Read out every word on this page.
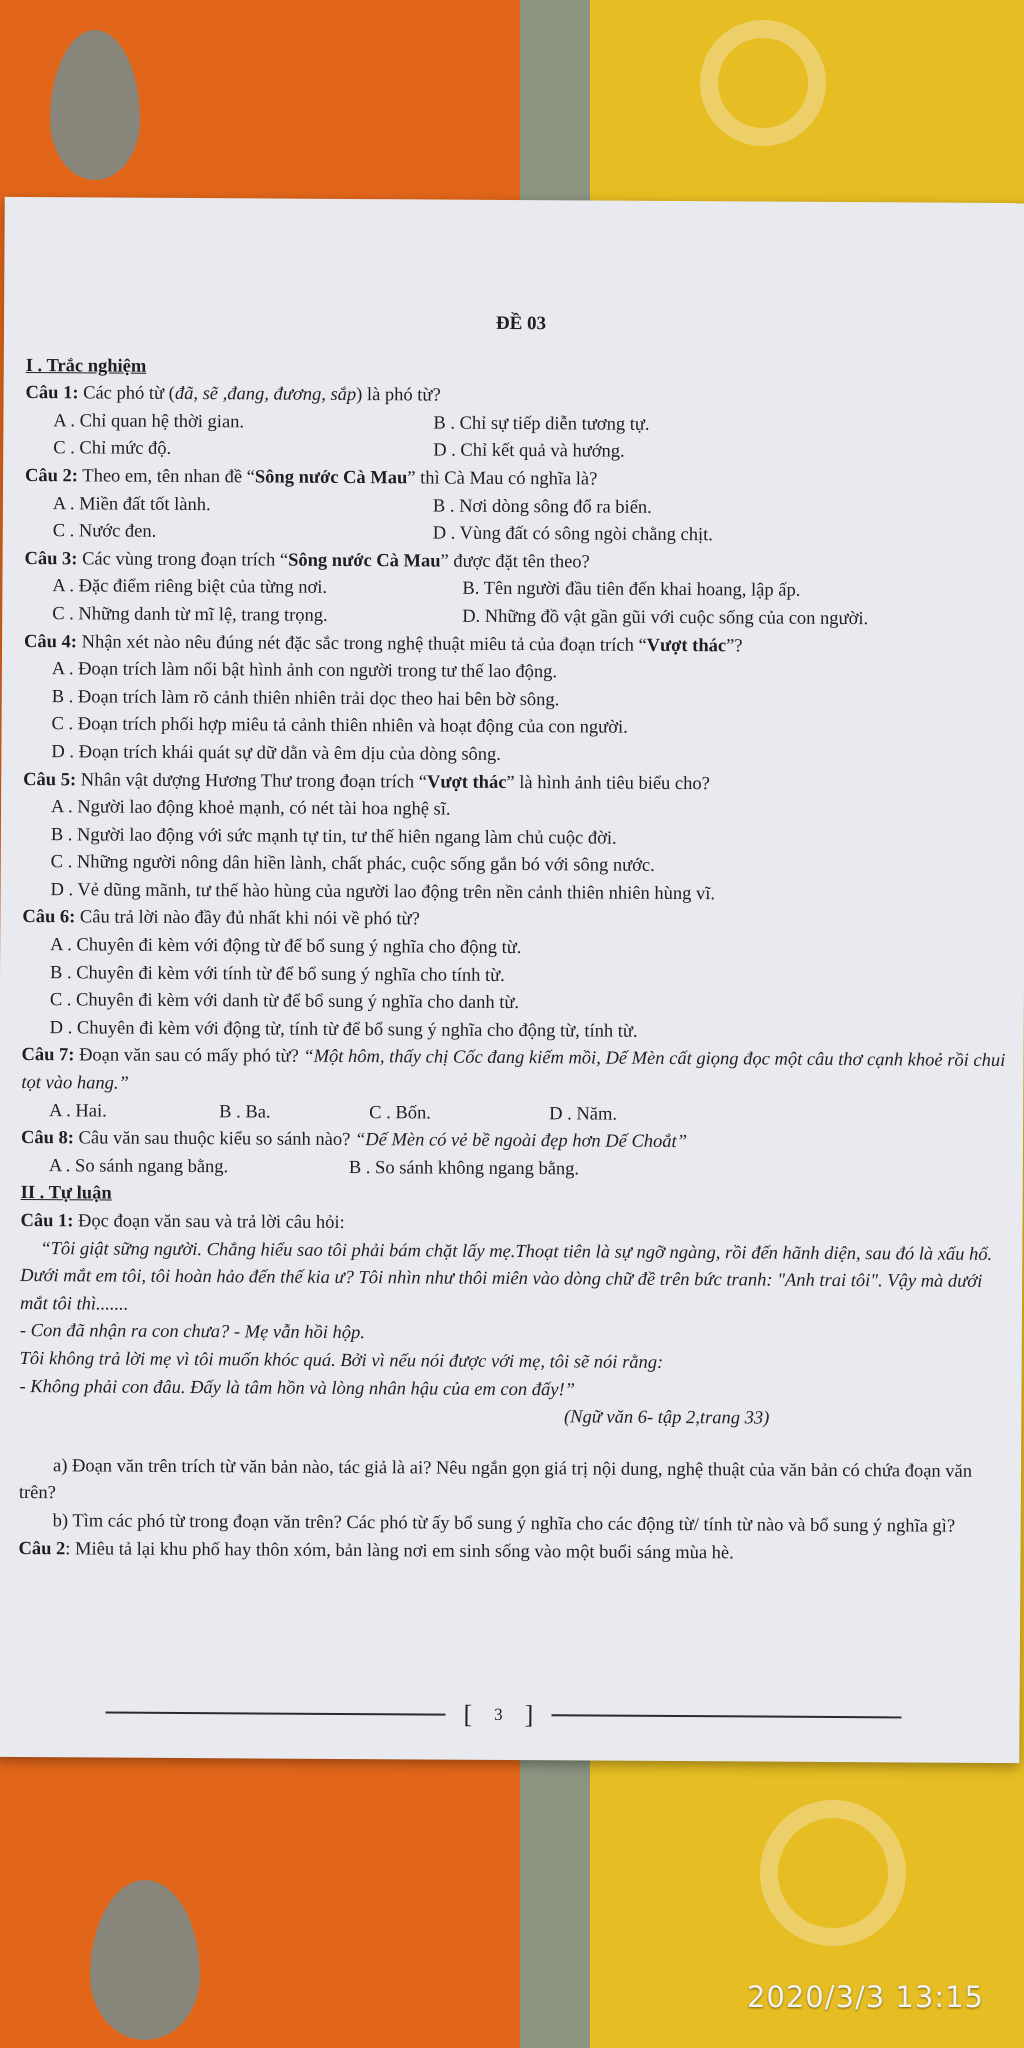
ĐỀ 03

I . Trắc nghiệm

Câu 1: Các phó từ (đã, sẽ ,đang, đương, sắp) là phó từ?

A . Chỉ quan hệ thời gian.	B . Chỉ sự tiếp diễn tương tự.
C . Chỉ mức độ.	D . Chỉ kết quả và hướng.

Câu 2: Theo em, tên nhan đề “Sông nước Cà Mau” thì Cà Mau có nghĩa là?

A . Miền đất tốt lành.	B . Nơi dòng sông đổ ra biển.
C . Nước đen.	D . Vùng đất có sông ngòi chằng chịt.

Câu 3: Các vùng trong đoạn trích “Sông nước Cà Mau” được đặt tên theo?

A . Đặc điểm riêng biệt của từng nơi.	B. Tên người đầu tiên đến khai hoang, lập ấp.
C . Những danh từ mĩ lệ, trang trọng.	D. Những đồ vật gần gũi với cuộc sống của con người.

Câu 4: Nhận xét nào nêu đúng nét đặc sắc trong nghệ thuật miêu tả của đoạn trích “Vượt thác”?

A . Đoạn trích làm nổi bật hình ảnh con người trong tư thế lao động.

B . Đoạn trích làm rõ cảnh thiên nhiên trải dọc theo hai bên bờ sông.

C . Đoạn trích phối hợp miêu tả cảnh thiên nhiên và hoạt động của con người.

D . Đoạn trích khái quát sự dữ dằn và êm dịu của dòng sông.

Câu 5: Nhân vật dượng Hương Thư trong đoạn trích “Vượt thác” là hình ảnh tiêu biểu cho?

A . Người lao động khoẻ mạnh, có nét tài hoa nghệ sĩ.

B . Người lao động với sức mạnh tự tin, tư thế hiên ngang làm chủ cuộc đời.

C . Những người nông dân hiền lành, chất phác, cuộc sống gắn bó với sông nước.

D . Vẻ dũng mãnh, tư thế hào hùng của người lao động trên nền cảnh thiên nhiên hùng vĩ.

Câu 6: Câu trả lời nào đầy đủ nhất khi nói về phó từ?

A . Chuyên đi kèm với động từ để bổ sung ý nghĩa cho động từ.

B . Chuyên đi kèm với tính từ để bổ sung ý nghĩa cho tính từ.

C . Chuyên đi kèm với danh từ để bổ sung ý nghĩa cho danh từ.

D . Chuyên đi kèm với động từ, tính từ để bổ sung ý nghĩa cho động từ, tính từ.

Câu 7: Đoạn văn sau có mấy phó từ? “Một hôm, thấy chị Cốc đang kiếm mồi, Dế Mèn cất giọng đọc một câu thơ cạnh khoẻ rồi chui tọt vào hang.”

A . Hai.	B . Ba.	C . Bốn.	D . Năm.

Câu 8: Câu văn sau thuộc kiểu so sánh nào? “Dế Mèn có vẻ bề ngoài đẹp hơn Dế Choắt”

A . So sánh ngang bằng.	B . So sánh không ngang bằng.

II . Tự luận

Câu 1: Đọc đoạn văn sau và trả lời câu hỏi:

“Tôi giật sững người. Chẳng hiểu sao tôi phải bám chặt lấy mẹ.Thoạt tiên là sự ngỡ ngàng, rồi đến hãnh diện, sau đó là xấu hổ. Dưới mắt em tôi, tôi hoàn hảo đến thế kia ư? Tôi nhìn như thôi miên vào dòng chữ đề trên bức tranh: "Anh trai tôi". Vậy mà dưới mắt tôi thì.......

- Con đã nhận ra con chưa? - Mẹ vẫn hồi hộp.

Tôi không trả lời mẹ vì tôi muốn khóc quá. Bởi vì nếu nói được với mẹ, tôi sẽ nói rằng:

- Không phải con đâu. Đấy là tâm hồn và lòng nhân hậu của em con đấy!”

(Ngữ văn 6- tập 2,trang 33)

a) Đoạn văn trên trích từ văn bản nào, tác giả là ai? Nêu ngắn gọn giá trị nội dung, nghệ thuật của văn bản có chứa đoạn văn trên?

b) Tìm các phó từ trong đoạn văn trên? Các phó từ ấy bổ sung ý nghĩa cho các động từ/ tính từ nào và bổ sung ý nghĩa gì?

Câu 2: Miêu tả lại khu phố hay thôn xóm, bản làng nơi em sinh sống vào một buổi sáng mùa hè.

[ 3 ]
2020/3/3 13:15
